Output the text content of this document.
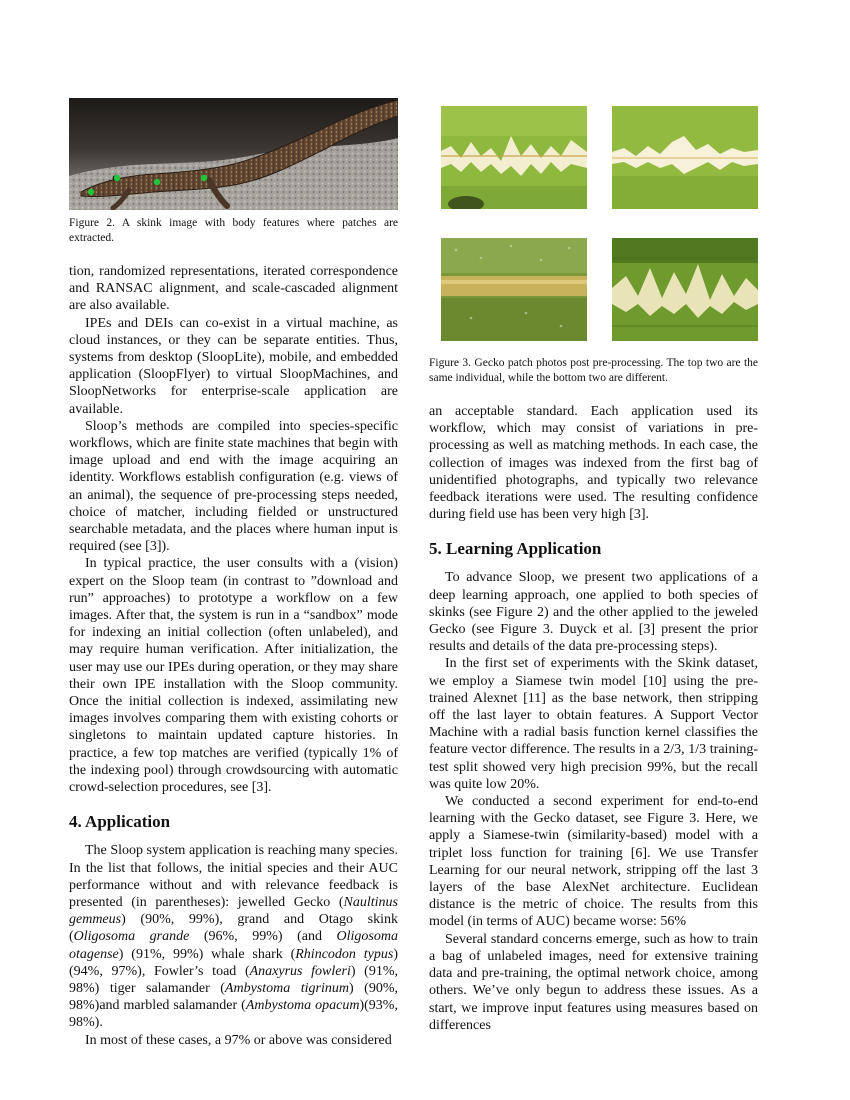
Figure 2. A skink image with body features where patches are extracted.

tion, randomized representations, iterated correspondence and RANSAC alignment, and scale-cascaded alignment are also available.

IPEs and DEIs can co-exist in a virtual machine, as cloud instances, or they can be separate entities. Thus, systems from desktop (SloopLite), mobile, and embedded application (SloopFlyer) to virtual SloopMachines, and SloopNetworks for enterprise-scale application are available.

Sloop’s methods are compiled into species-specific workflows, which are finite state machines that begin with image upload and end with the image acquiring an identity. Workflows establish configuration (e.g. views of an animal), the sequence of pre-processing steps needed, choice of matcher, including fielded or unstructured searchable metadata, and the places where human input is required (see [3]).

In typical practice, the user consults with a (vision) expert on the Sloop team (in contrast to ”download and run” approaches) to prototype a workflow on a few images. After that, the system is run in a “sandbox” mode for indexing an initial collection (often unlabeled), and may require human verification. After initialization, the user may use our IPEs during operation, or they may share their own IPE installation with the Sloop community. Once the initial collection is indexed, assimilating new images involves comparing them with existing cohorts or singletons to maintain updated capture histories. In practice, a few top matches are verified (typically 1% of the indexing pool) through crowdsourcing with automatic crowd-selection procedures, see [3].

4. Application

The Sloop system application is reaching many species. In the list that follows, the initial species and their AUC performance without and with relevance feedback is presented (in parentheses): jewelled Gecko (Naultinus gemmeus) (90%, 99%), grand and Otago skink (Oligosoma grande (96%, 99%) (and Oligosoma otagense) (91%, 99%) whale shark (Rhincodon typus) (94%, 97%), Fowler’s toad (Anaxyrus fowleri) (91%, 98%) tiger salamander (Ambystoma tigrinum) (90%, 98%)and marbled salamander (Ambystoma opacum)(93%, 98%).

In most of these cases, a 97% or above was considered

Figure 3. Gecko patch photos post pre-processing. The top two are the same individual, while the bottom two are different.

an acceptable standard. Each application used its workflow, which may consist of variations in pre-processing as well as matching methods. In each case, the collection of images was indexed from the first bag of unidentified photographs, and typically two relevance feedback iterations were used. The resulting confidence during field use has been very high [3].

5. Learning Application

To advance Sloop, we present two applications of a deep learning approach, one applied to both species of skinks (see Figure 2) and the other applied to the jeweled Gecko (see Figure 3. Duyck et al. [3] present the prior results and details of the data pre-processing steps).

In the first set of experiments with the Skink dataset, we employ a Siamese twin model [10] using the pre-trained Alexnet [11] as the base network, then stripping off the last layer to obtain features. A Support Vector Machine with a radial basis function kernel classifies the feature vector difference. The results in a 2/3, 1/3 training-test split showed very high precision 99%, but the recall was quite low 20%.

We conducted a second experiment for end-to-end learning with the Gecko dataset, see Figure 3. Here, we apply a Siamese-twin (similarity-based) model with a triplet loss function for training [6]. We use Transfer Learning for our neural network, stripping off the last 3 layers of the base AlexNet architecture. Euclidean distance is the metric of choice. The results from this model (in terms of AUC) became worse: 56%

Several standard concerns emerge, such as how to train a bag of unlabeled images, need for extensive training data and pre-training, the optimal network choice, among others. We’ve only begun to address these issues. As a start, we improve input features using measures based on differences
